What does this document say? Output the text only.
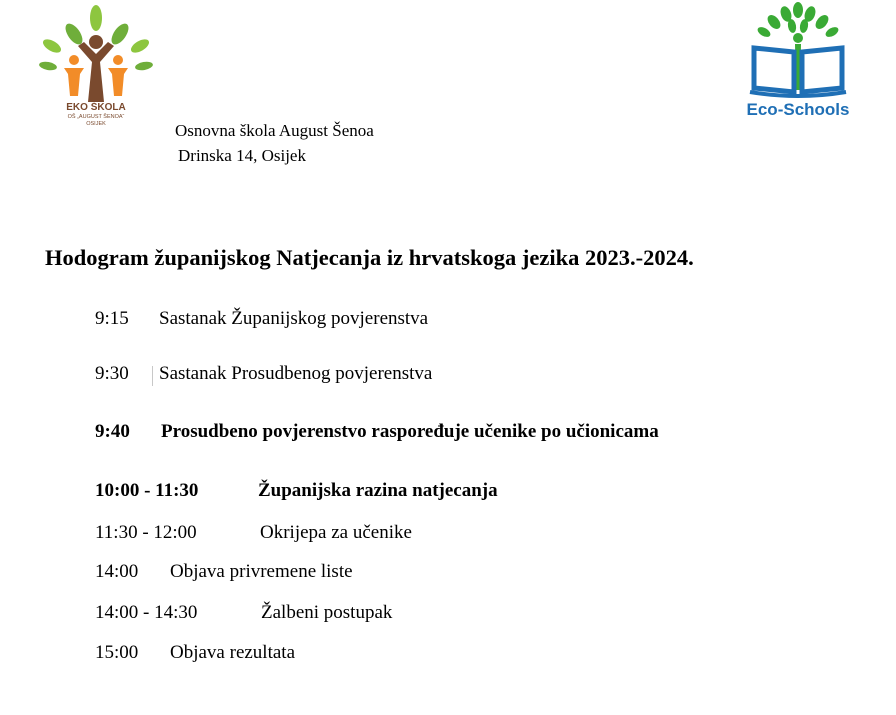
EKO ŠKOLA
OŠ „AUGUST ŠENOA“
OSIJEK
Eco-Schools
Osnovna škola August Šenoa
Drinska 14, Osijek
Hodogram županijskog Natjecanja iz hrvatskoga jezika 2023.-2024.
9:15 Sastanak Županijskog povjerenstva
9:30 Sastanak Prosudbenog povjerenstva
9:40 Prosudbeno povjerenstvo raspoređuje učenike po učionicama
10:00 - 11:30	Županijska razina natjecanja
11:30 - 12:00	Okrijepa za učenike
14:00 Objava privremene liste
14:00 - 14:30	Žalbeni postupak
15:00 Objava rezultata
